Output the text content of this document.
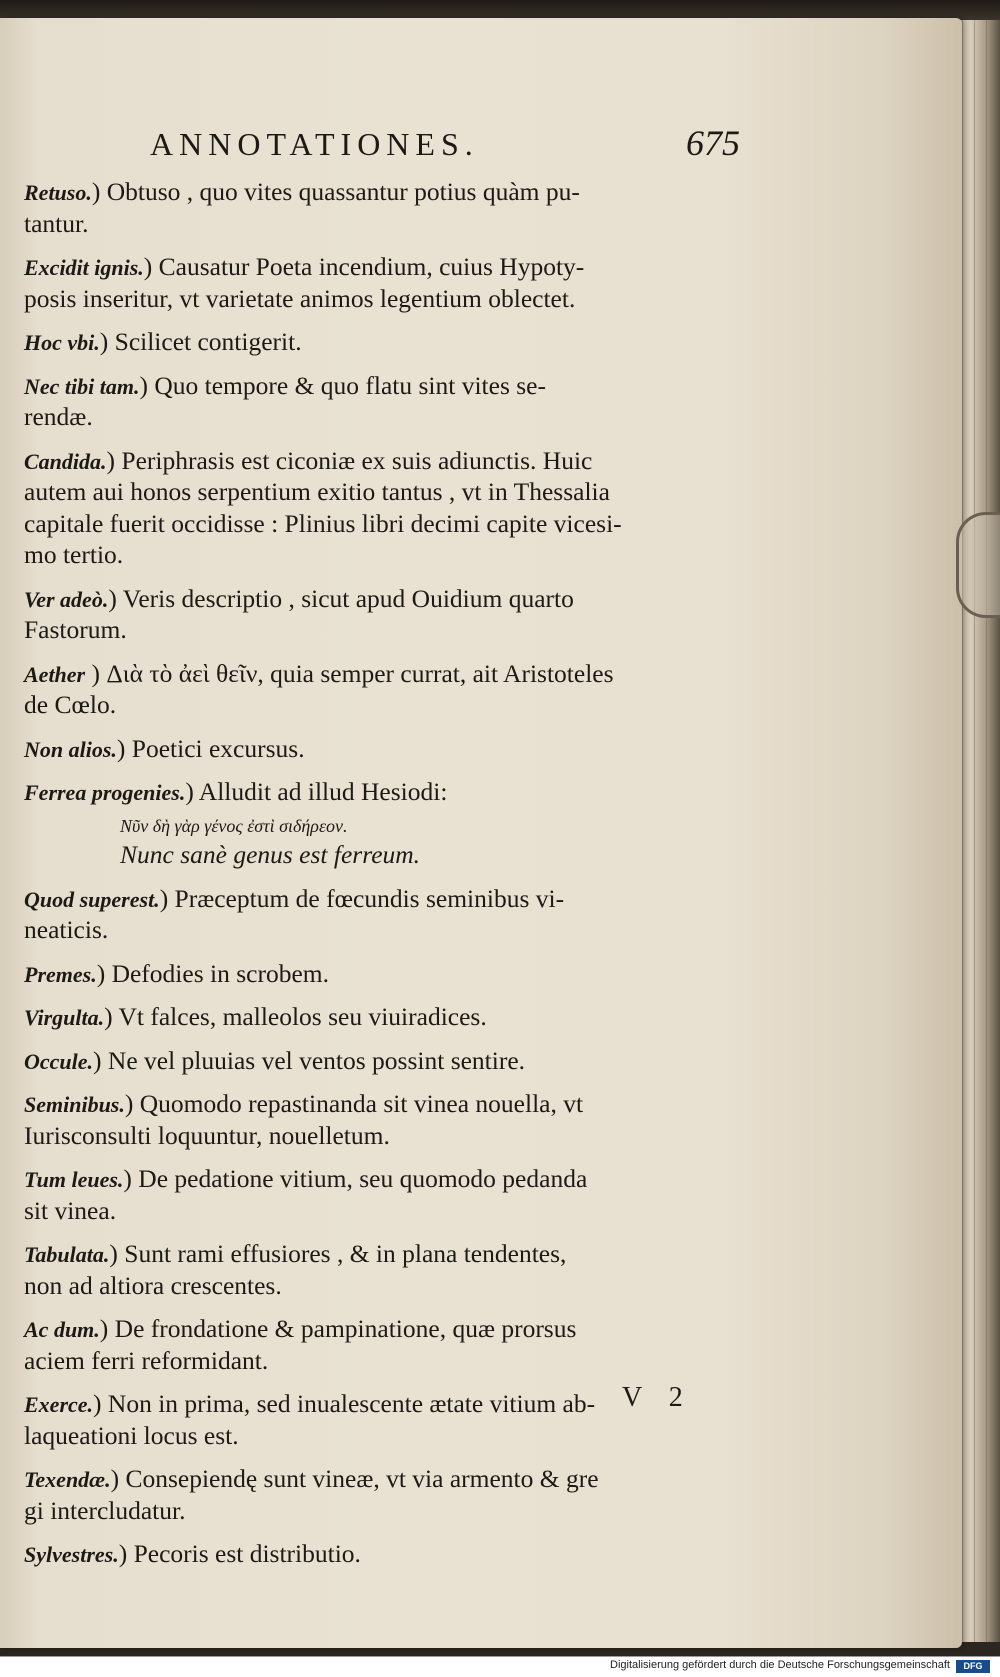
ANNOTATIONES.	675
Retuso.) Obtuso , quo vites quassantur potius quàm pu-
tantur.
Excidit ignis.) Causatur Poeta incendium, cuius Hypoty-
posis inseritur, vt varietate animos legentium oblectet.
Hoc vbi.) Scilicet contigerit.
Nec tibi tam.) Quo tempore & quo flatu sint vites se-
rendæ.
Candida.) Periphrasis est ciconiæ ex suis adiunctis. Huic
autem aui honos serpentium exitio tantus , vt in Thessalia
capitale fuerit occidisse : Plinius libri decimi capite vicesi-
mo tertio.
Ver adeò.) Veris descriptio , sicut apud Ouidium quarto
Fastorum.
Aether ) Διὰ τὸ ἀεὶ θεῖν, quia semper currat, ait Aristoteles
de Cœlo.
Non alios.) Poetici excursus.
Ferrea progenies.) Alludit ad illud Hesiodi:
Νῦν δὴ γὰρ γένος ἐστὶ σιδήρεον.
Nunc sanè genus est ferreum.
Quod superest.) Præceptum de fœcundis seminibus vi-
neaticis.
Premes.) Defodies in scrobem.
Virgulta.) Vt falces, malleolos seu viuiradices.
Occule.) Ne vel pluuias vel ventos possint sentire.
Seminibus.) Quomodo repastinanda sit vinea nouella, vt
Iurisconsulti loquuntur, nouelletum.
Tum leues.) De pedatione vitium, seu quomodo pedanda
sit vinea.
Tabulata.) Sunt rami effusiores , & in plana tendentes,
non ad altiora crescentes.
Ac dum.) De frondatione & pampinatione, quæ prorsus
aciem ferri reformidant.
Exerce.) Non in prima, sed inualescente ætate vitium ab-
laqueationi locus est.
Texendæ.) Consepiendę sunt vineæ, vt via armento & gre
gi intercludatur.
Sylvestres.) Pecoris est distributio.
V 2
Digitalisierung gefördert durch die Deutsche Forschungsgemeinschaft	DFG
